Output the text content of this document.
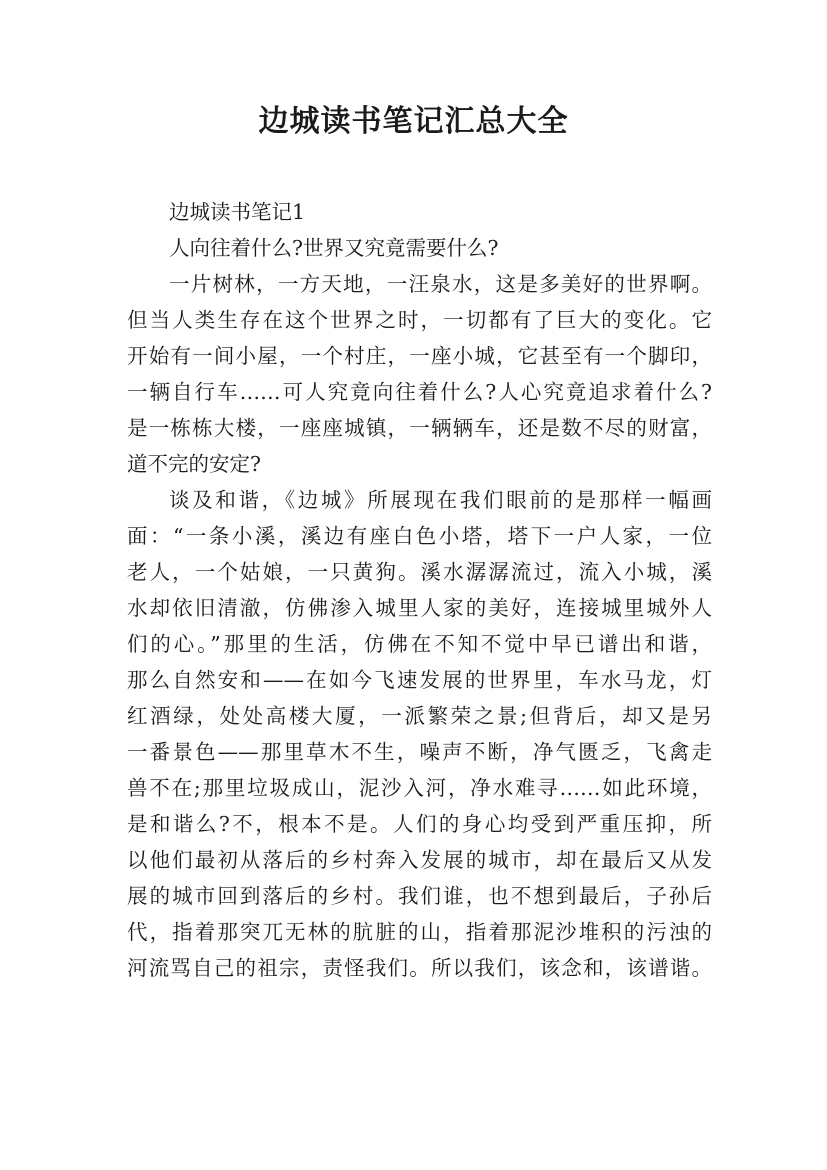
边城读书笔记汇总大全
边城读书笔记1
人向往着什么?世界又究竟需要什么?
一片树林，一方天地，一汪泉水，这是多美好的世界啊。
但当人类生存在这个世界之时，一切都有了巨大的变化。它
开始有一间小屋，一个村庄，一座小城，它甚至有一个脚印，
一辆自行车……可人究竟向往着什么?人心究竟追求着什么?
是一栋栋大楼，一座座城镇，一辆辆车，还是数不尽的财富，
道不完的安定?
谈及和谐，《边城》所展现在我们眼前的是那样一幅画
面：“一条小溪，溪边有座白色小塔，塔下一户人家，一位
老人，一个姑娘，一只黄狗。溪水潺潺流过，流入小城，溪
水却依旧清澈，仿佛渗入城里人家的美好，连接城里城外人
们的心。”那里的生活，仿佛在不知不觉中早已谱出和谐，
那么自然安和——在如今飞速发展的世界里，车水马龙，灯
红酒绿，处处高楼大厦，一派繁荣之景;但背后，却又是另
一番景色——那里草木不生，噪声不断，净气匮乏，飞禽走
兽不在;那里垃圾成山，泥沙入河，净水难寻……如此环境，
是和谐么?不，根本不是。人们的身心均受到严重压抑，所
以他们最初从落后的乡村奔入发展的城市，却在最后又从发
展的城市回到落后的乡村。我们谁，也不想到最后，子孙后
代，指着那突兀无林的肮脏的山，指着那泥沙堆积的污浊的
河流骂自己的祖宗，责怪我们。所以我们，该念和，该谱谐。
